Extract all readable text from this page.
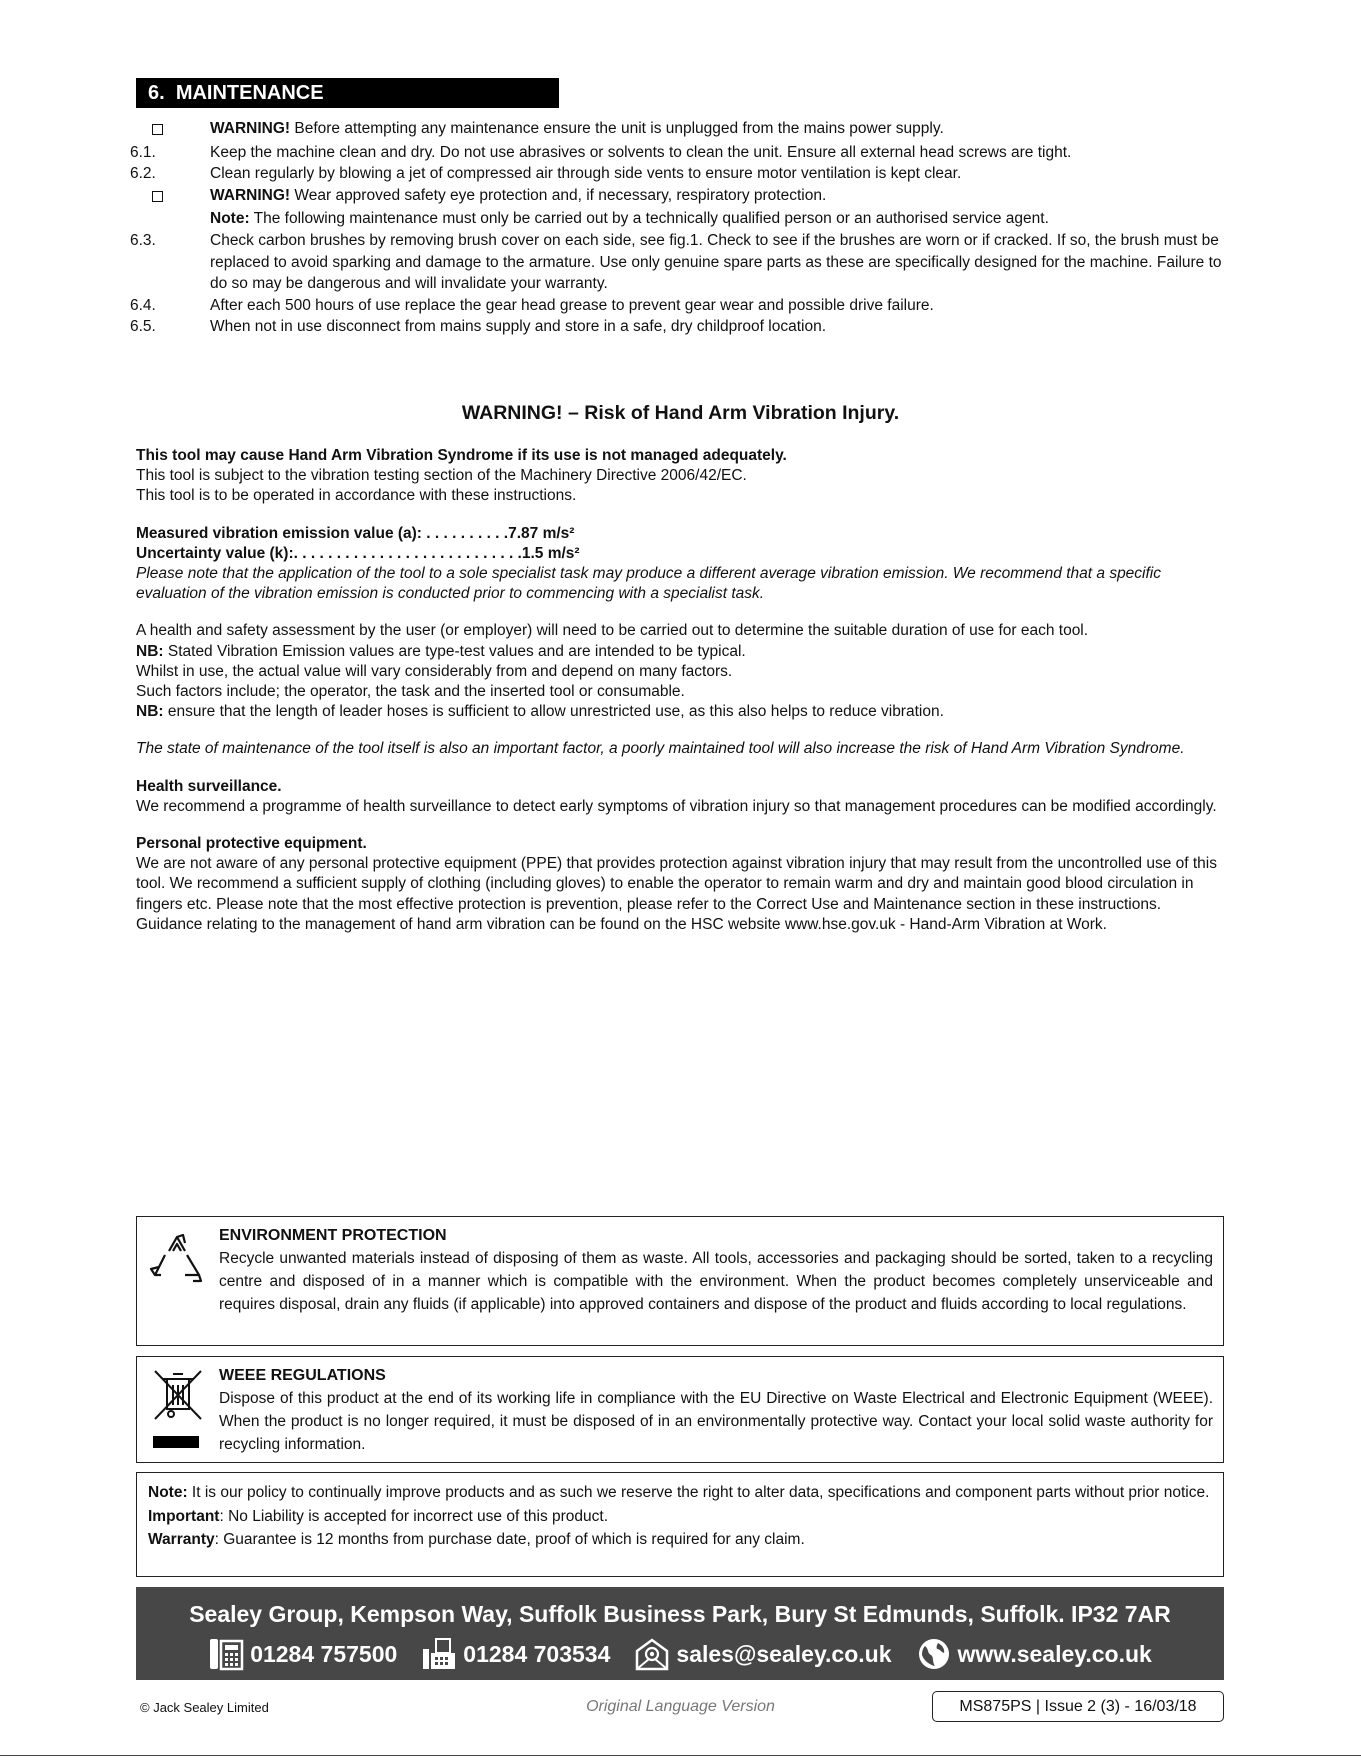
6. MAINTENANCE
WARNING! Before attempting any maintenance ensure the unit is unplugged from the mains power supply.
6.1.	Keep the machine clean and dry. Do not use abrasives or solvents to clean the unit. Ensure all external head screws are tight.
6.2.	Clean regularly by blowing a jet of compressed air through side vents to ensure motor ventilation is kept clear.
WARNING! Wear approved safety eye protection and, if necessary, respiratory protection.
Note: The following maintenance must only be carried out by a technically qualified person or an authorised service agent.
6.3.	Check carbon brushes by removing brush cover on each side, see fig.1. Check to see if the brushes are worn or if cracked. If so, the brush must be replaced to avoid sparking and damage to the armature. Use only genuine spare parts as these are specifically designed for the machine. Failure to do so may be dangerous and will invalidate your warranty.
6.4.	After each 500 hours of use replace the gear head grease to prevent gear wear and possible drive failure.
6.5.	When not in use disconnect from mains supply and store in a safe, dry childproof location.
WARNING! – Risk of Hand Arm Vibration Injury.

This tool may cause Hand Arm Vibration Syndrome if its use is not managed adequately.

This tool is subject to the vibration testing section of the Machinery Directive 2006/42/EC.

This tool is to be operated in accordance with these instructions.

Measured vibration emission value (a): . . . . . . . . . .7.87 m/s²

Uncertainty value (k):. . . . . . . . . . . . . . . . . . . . . . . . . . .1.5 m/s²

Please note that the application of the tool to a sole specialist task may produce a different average vibration emission. We recommend that a specific evaluation of the vibration emission is conducted prior to commencing with a specialist task.

A health and safety assessment by the user (or employer) will need to be carried out to determine the suitable duration of use for each tool.

NB: Stated Vibration Emission values are type-test values and are intended to be typical.

Whilst in use, the actual value will vary considerably from and depend on many factors.

Such factors include; the operator, the task and the inserted tool or consumable.

NB: ensure that the length of leader hoses is sufficient to allow unrestricted use, as this also helps to reduce vibration.

The state of maintenance of the tool itself is also an important factor, a poorly maintained tool will also increase the risk of Hand Arm Vibration Syndrome.

Health surveillance.

We recommend a programme of health surveillance to detect early symptoms of vibration injury so that management procedures can be modified accordingly.

Personal protective equipment.

We are not aware of any personal protective equipment (PPE) that provides protection against vibration injury that may result from the uncontrolled use of this tool. We recommend a sufficient supply of clothing (including gloves) to enable the operator to remain warm and dry and maintain good blood circulation in fingers etc. Please note that the most effective protection is prevention, please refer to the Correct Use and Maintenance section in these instructions. Guidance relating to the management of hand arm vibration can be found on the HSC website www.hse.gov.uk - Hand-Arm Vibration at Work.

ENVIRONMENT PROTECTION
Recycle unwanted materials instead of disposing of them as waste. All tools, accessories and packaging should be sorted, taken to a recycling centre and disposed of in a manner which is compatible with the environment. When the product becomes completely unserviceable and requires disposal, drain any fluids (if applicable) into approved containers and dispose of the product and fluids according to local regulations.
WEEE REGULATIONS
Dispose of this product at the end of its working life in compliance with the EU Directive on Waste Electrical and Electronic Equipment (WEEE). When the product is no longer required, it must be disposed of in an environmentally protective way. Contact your local solid waste authority for recycling information.
Note: It is our policy to continually improve products and as such we reserve the right to alter data, specifications and component parts without prior notice.
Important: No Liability is accepted for incorrect use of this product.
Warranty: Guarantee is 12 months from purchase date, proof of which is required for any claim.
Sealey Group, Kempson Way, Suffolk Business Park, Bury St Edmunds, Suffolk. IP32 7AR
01284 757500	01284 703534	sales@sealey.co.uk	www.sealey.co.uk
© Jack Sealey Limited	Original Language Version	MS875PS | Issue 2 (3) - 16/03/18
